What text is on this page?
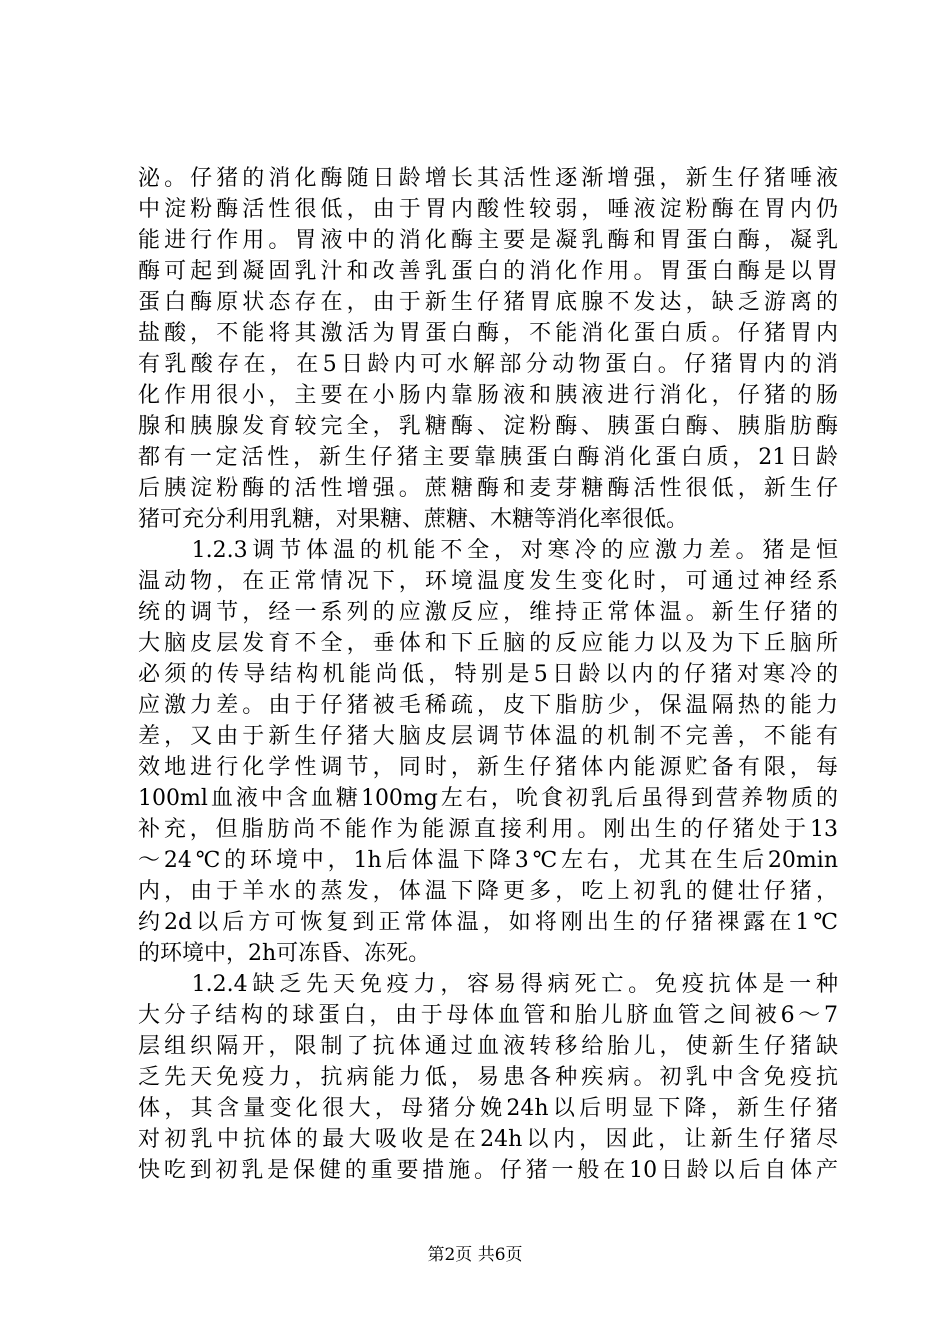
泌。仔猪的消化酶随日龄增长其活性逐渐增强，新生仔猪唾液
中淀粉酶活性很低，由于胃内酸性较弱，唾液淀粉酶在胃内仍
能进行作用。胃液中的消化酶主要是凝乳酶和胃蛋白酶，凝乳
酶可起到凝固乳汁和改善乳蛋白的消化作用。胃蛋白酶是以胃
蛋白酶原状态存在，由于新生仔猪胃底腺不发达，缺乏游离的
盐酸，不能将其激活为胃蛋白酶，不能消化蛋白质。仔猪胃内
有乳酸存在，在5日龄内可水解部分动物蛋白。仔猪胃内的消
化作用很小，主要在小肠内靠肠液和胰液进行消化，仔猪的肠
腺和胰腺发育较完全，乳糖酶、淀粉酶、胰蛋白酶、胰脂肪酶
都有一定活性，新生仔猪主要靠胰蛋白酶消化蛋白质，21日龄
后胰淀粉酶的活性增强。蔗糖酶和麦芽糖酶活性很低，新生仔
猪可充分利用乳糖，对果糖、蔗糖、木糖等消化率很低。
　　1.2.3调节体温的机能不全，对寒冷的应激力差。猪是恒
温动物，在正常情况下，环境温度发生变化时，可通过神经系
统的调节，经一系列的应激反应，维持正常体温。新生仔猪的
大脑皮层发育不全，垂体和下丘脑的反应能力以及为下丘脑所
必须的传导结构机能尚低，特别是5日龄以内的仔猪对寒冷的
应激力差。由于仔猪被毛稀疏，皮下脂肪少，保温隔热的能力
差，又由于新生仔猪大脑皮层调节体温的机制不完善，不能有
效地进行化学性调节，同时，新生仔猪体内能源贮备有限，每
100ml血液中含血糖100mg左右，吮食初乳后虽得到营养物质的
补充，但脂肪尚不能作为能源直接利用。刚出生的仔猪处于13
～24℃的环境中，1h后体温下降3℃左右，尤其在生后20min
内，由于羊水的蒸发，体温下降更多，吃上初乳的健壮仔猪，
约2d以后方可恢复到正常体温，如将刚出生的仔猪裸露在1℃
的环境中，2h可冻昏、冻死。
　　1.2.4缺乏先天免疫力，容易得病死亡。免疫抗体是一种
大分子结构的球蛋白，由于母体血管和胎儿脐血管之间被6～7
层组织隔开，限制了抗体通过血液转移给胎儿，使新生仔猪缺
乏先天免疫力，抗病能力低，易患各种疾病。初乳中含免疫抗
体，其含量变化很大，母猪分娩24h以后明显下降，新生仔猪
对初乳中抗体的最大吸收是在24h以内，因此，让新生仔猪尽
快吃到初乳是保健的重要措施。仔猪一般在10日龄以后自体产
第2页 共6页
